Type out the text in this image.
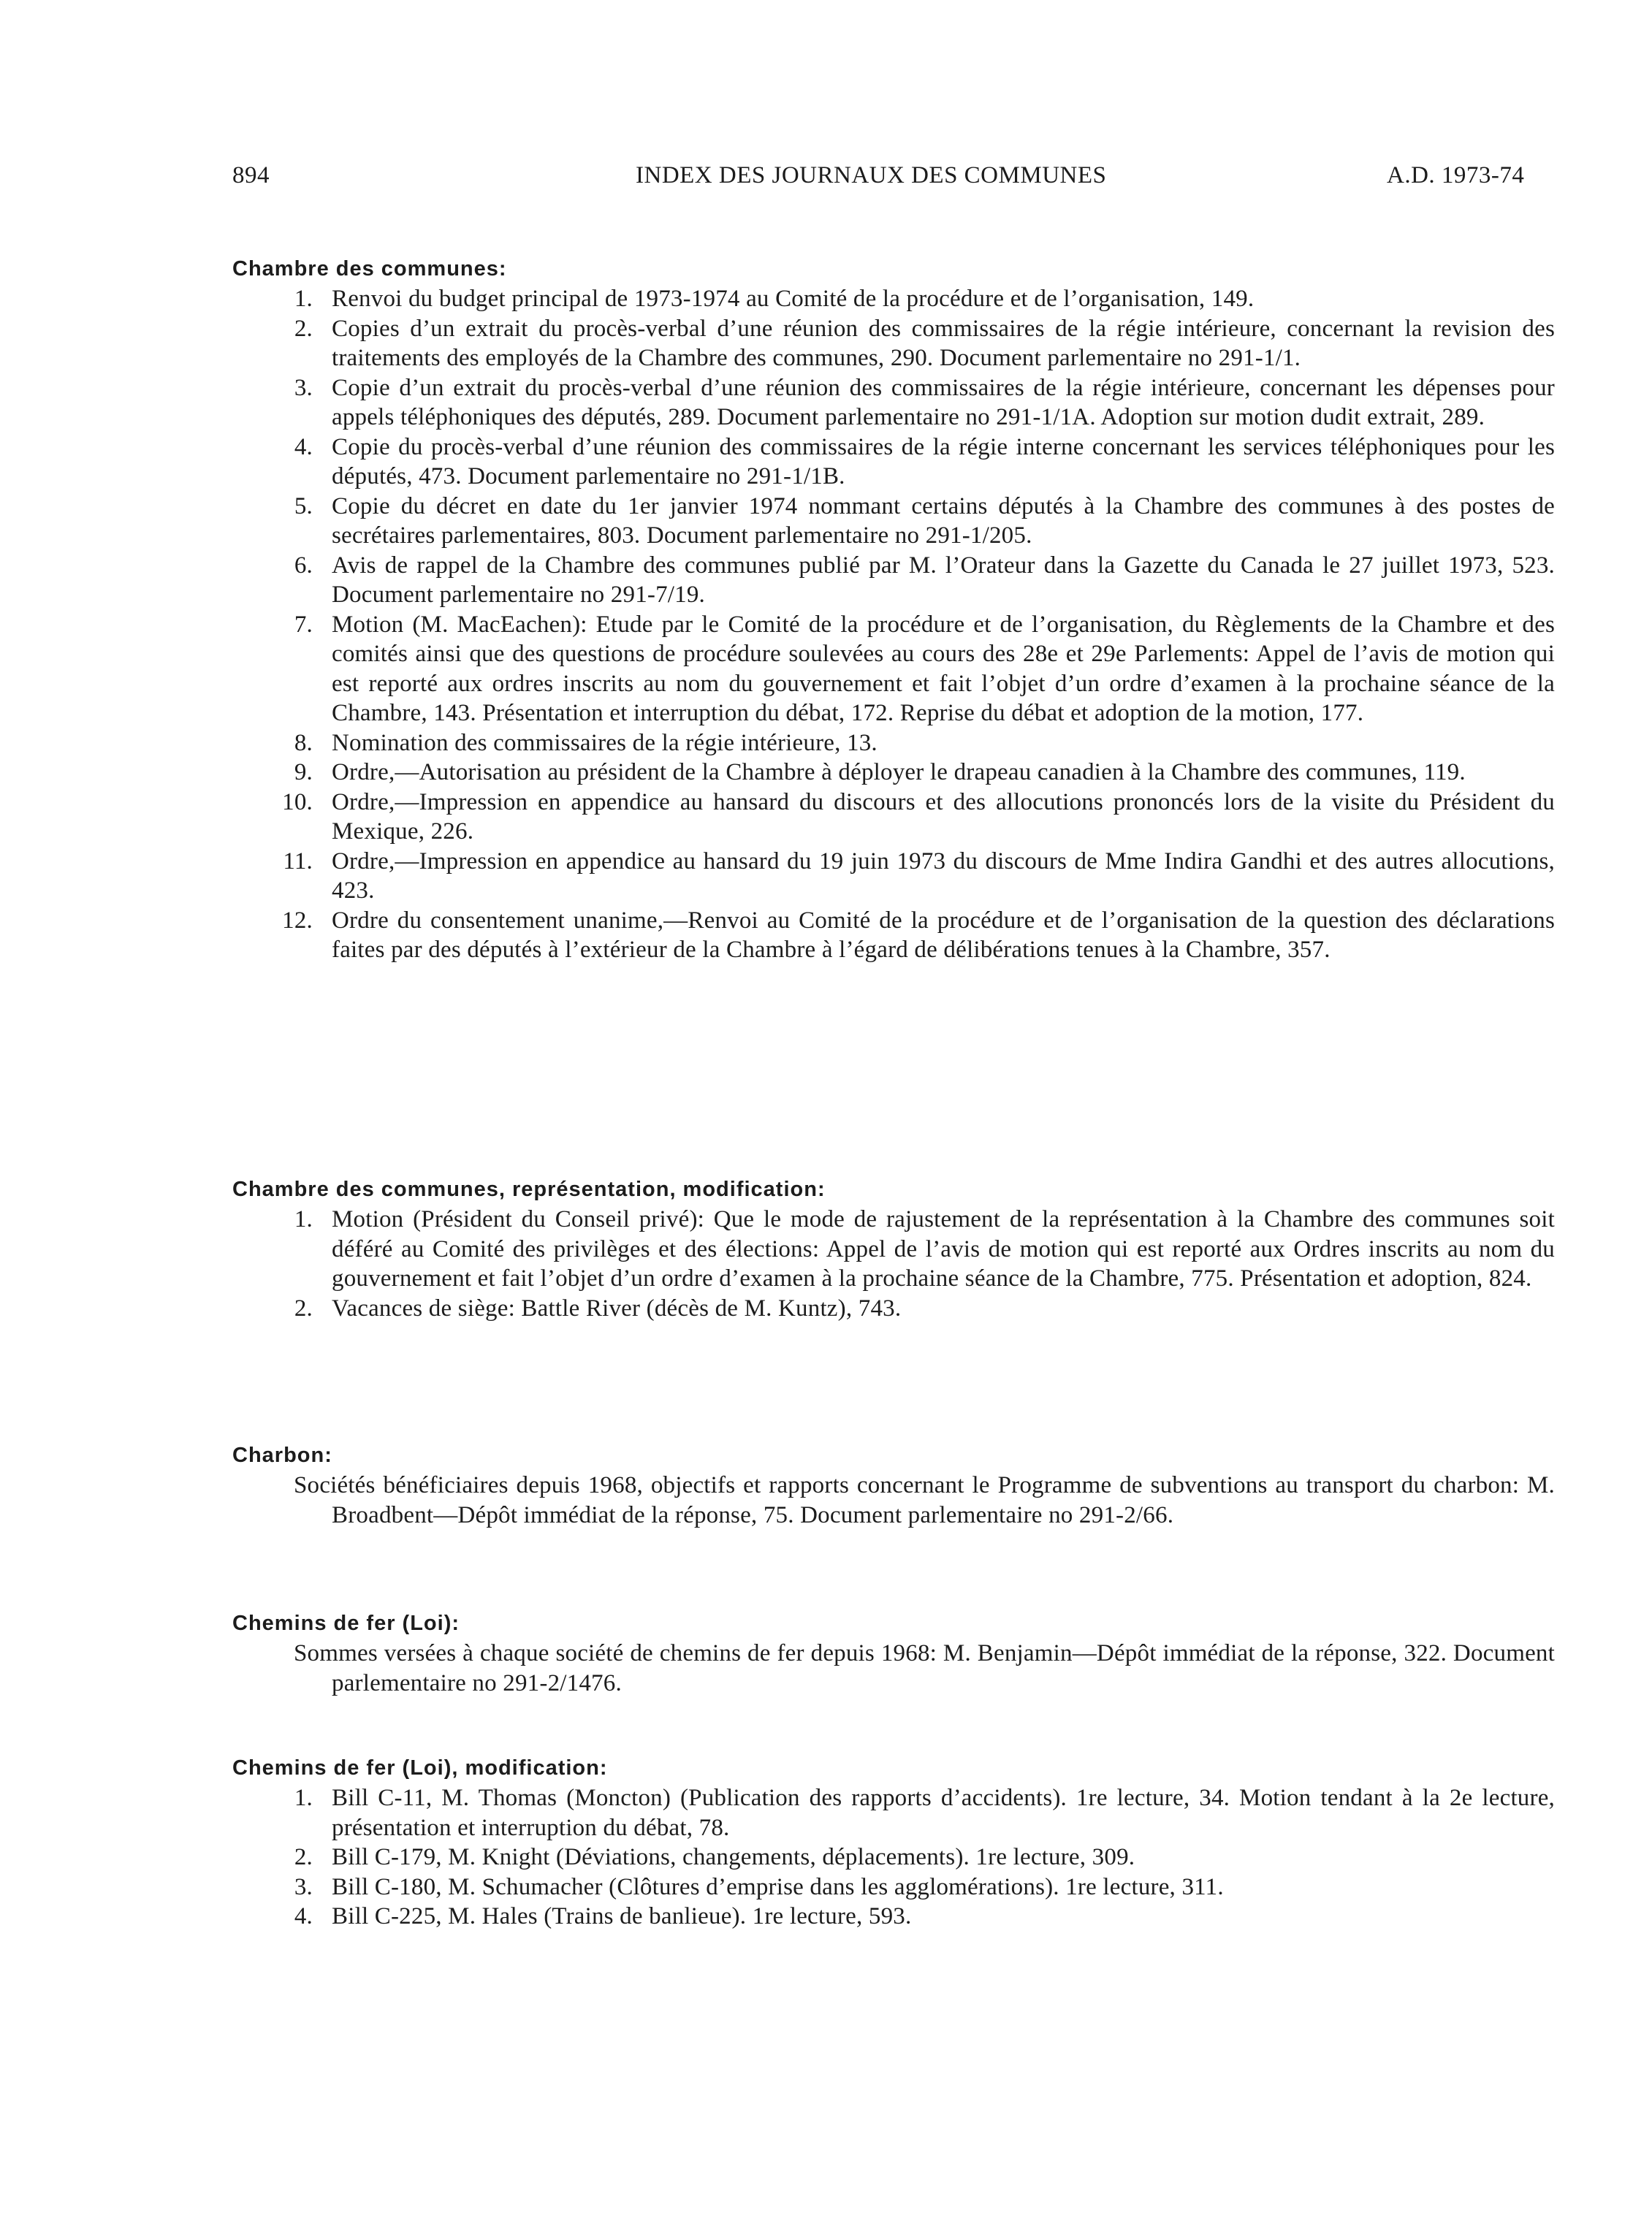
894	INDEX DES JOURNAUX DES COMMUNES	A.D. 1973-74
Chambre des communes:
1. Renvoi du budget principal de 1973-1974 au Comité de la procédure et de l’organisation, 149.
2. Copies d’un extrait du procès-verbal d’une réunion des commissaires de la régie intérieure, concernant la revision des traitements des employés de la Chambre des communes, 290. Document parlementaire no 291-1/1.
3. Copie d’un extrait du procès-verbal d’une réunion des commissaires de la régie intérieure, concernant les dépenses pour appels téléphoniques des députés, 289. Document parlementaire no 291-1/1A. Adoption sur motion dudit extrait, 289.
4. Copie du procès-verbal d’une réunion des commissaires de la régie interne concernant les services téléphoniques pour les députés, 473. Document parlementaire no 291-1/1B.
5. Copie du décret en date du 1er janvier 1974 nommant certains députés à la Chambre des communes à des postes de secrétaires parlementaires, 803. Document parlementaire no 291-1/205.
6. Avis de rappel de la Chambre des communes publié par M. l’Orateur dans la Gazette du Canada le 27 juillet 1973, 523. Document parlementaire no 291-7/19.
7. Motion (M. MacEachen): Etude par le Comité de la procédure et de l’organisation, du Règlements de la Chambre et des comités ainsi que des questions de procédure soulevées au cours des 28e et 29e Parlements: Appel de l’avis de motion qui est reporté aux ordres inscrits au nom du gouvernement et fait l’objet d’un ordre d’examen à la prochaine séance de la Chambre, 143. Présentation et interruption du débat, 172. Reprise du débat et adoption de la motion, 177.
8. Nomination des commissaires de la régie intérieure, 13.
9. Ordre,—Autorisation au président de la Chambre à déployer le drapeau canadien à la Chambre des communes, 119.
10. Ordre,—Impression en appendice au hansard du discours et des allocutions prononcés lors de la visite du Président du Mexique, 226.
11. Ordre,—Impression en appendice au hansard du 19 juin 1973 du discours de Mme Indira Gandhi et des autres allocutions, 423.
12. Ordre du consentement unanime,—Renvoi au Comité de la procédure et de l’organisation de la question des déclarations faites par des députés à l’extérieur de la Chambre à l’égard de délibérations tenues à la Chambre, 357.
Chambre des communes, représentation, modification:
1. Motion (Président du Conseil privé): Que le mode de rajustement de la représentation à la Chambre des communes soit déféré au Comité des privilèges et des élections: Appel de l’avis de motion qui est reporté aux Ordres inscrits au nom du gouvernement et fait l’objet d’un ordre d’examen à la prochaine séance de la Chambre, 775. Présentation et adoption, 824.
2. Vacances de siège: Battle River (décès de M. Kuntz), 743.
Charbon:
Sociétés bénéficiaires depuis 1968, objectifs et rapports concernant le Programme de subventions au transport du charbon: M. Broadbent—Dépôt immédiat de la réponse, 75. Document parlementaire no 291-2/66.
Chemins de fer (Loi):
Sommes versées à chaque société de chemins de fer depuis 1968: M. Benjamin—Dépôt immédiat de la réponse, 322. Document parlementaire no 291-2/1476.
Chemins de fer (Loi), modification:
1. Bill C-11, M. Thomas (Moncton) (Publication des rapports d’accidents). 1re lecture, 34. Motion tendant à la 2e lecture, présentation et interruption du débat, 78.
2. Bill C-179, M. Knight (Déviations, changements, déplacements). 1re lecture, 309.
3. Bill C-180, M. Schumacher (Clôtures d’emprise dans les agglomérations). 1re lecture, 311.
4. Bill C-225, M. Hales (Trains de banlieue). 1re lecture, 593.
